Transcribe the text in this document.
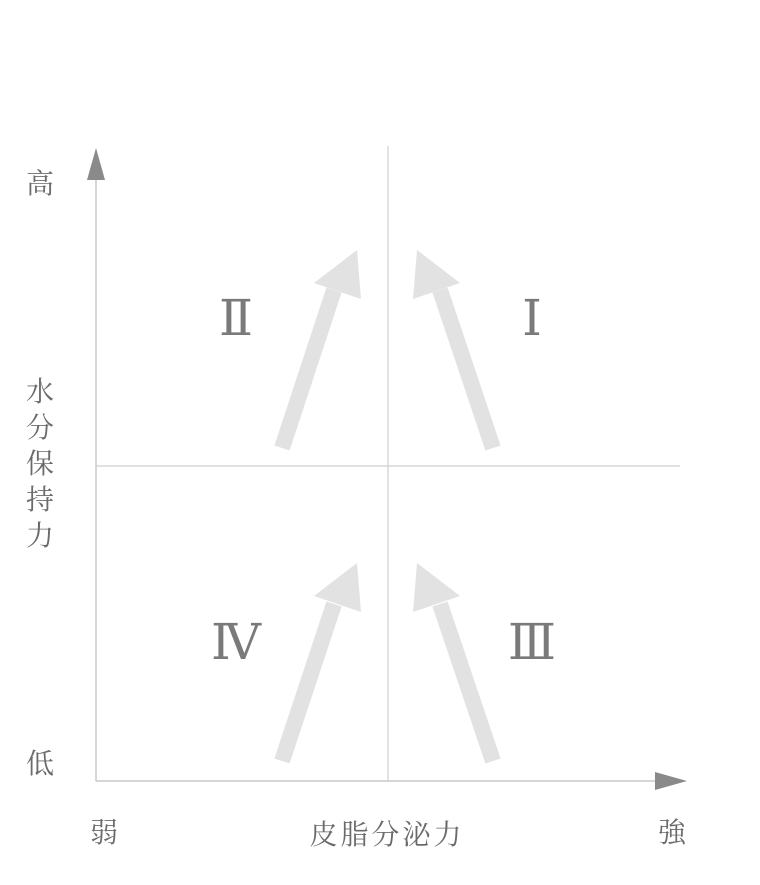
高
低
水
分
保
持
力
弱	皮脂分泌力	強
Ⅰ
Ⅱ
Ⅲ
Ⅳ
